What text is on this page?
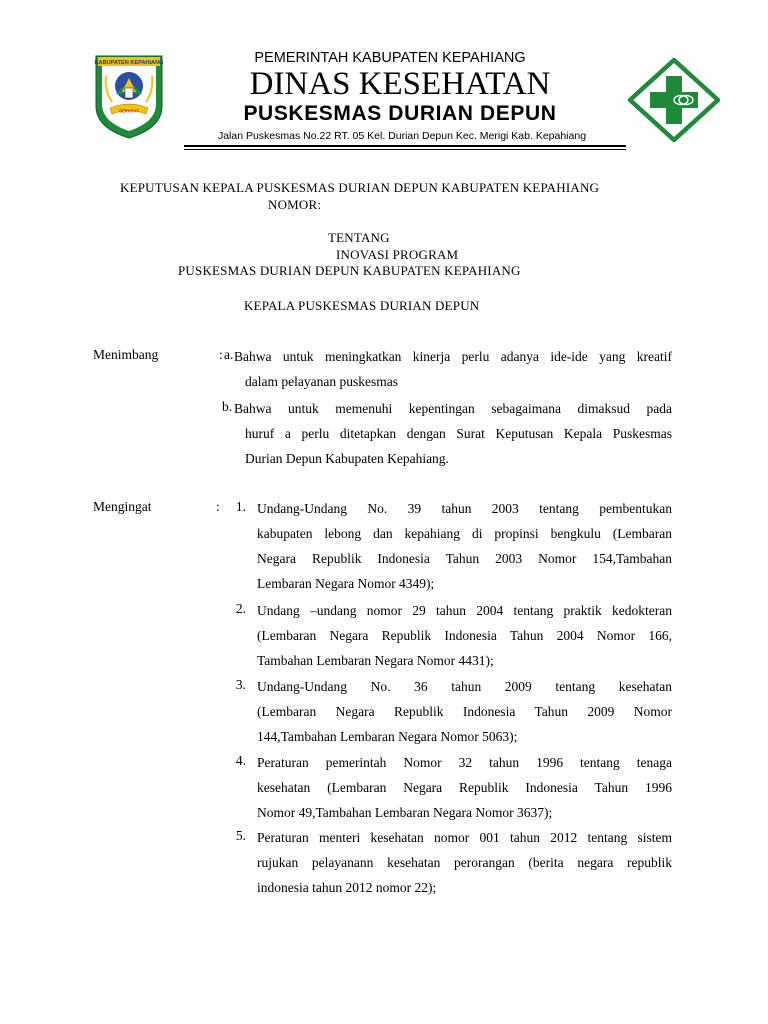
KABUPATEN KEPAHIANG
SEPAKAT
PEMERINTAH KABUPATEN KEPAHIANG
DINAS KESEHATAN
PUSKESMAS DURIAN DEPUN
Jalan Puskesmas No.22 RT. 05 Kel. Durian Depun Kec. Merigi Kab. Kepahiang
KEPUTUSAN KEPALA PUSKESMAS DURIAN DEPUN KABUPATEN KEPAHIANG
NOMOR:
TENTANG
INOVASI PROGRAM
PUSKESMAS DURIAN DEPUN KABUPATEN KEPAHIANG
KEPALA PUSKESMAS DURIAN DEPUN
Menimbang	: a. Bahwa untuk meningkatkan kinerja perlu adanya ide-ide yang kreatif
dalam pelayanan puskesmas
b. Bahwa untuk memenuhi kepentingan sebagaimana dimaksud pada
huruf a perlu ditetapkan dengan Surat Keputusan Kepala Puskesmas
Durian Depun Kabupaten Kepahiang.
Mengingat	:	1. Undang-Undang No. 39 tahun 2003 tentang pembentukan
kabupaten lebong dan kepahiang di propinsi bengkulu (Lembaran
Negara Republik Indonesia Tahun 2003 Nomor 154,Tambahan
Lembaran Negara Nomor 4349);
2. Undang –undang nomor 29 tahun 2004 tentang praktik kedokteran
(Lembaran Negara Republik Indonesia Tahun 2004 Nomor 166,
Tambahan Lembaran Negara Nomor 4431);
3. Undang-Undang No. 36 tahun 2009 tentang kesehatan
(Lembaran Negara Republik Indonesia Tahun 2009 Nomor
144,Tambahan Lembaran Negara Nomor 5063);
4. Peraturan pemerintah Nomor 32 tahun 1996 tentang tenaga
kesehatan (Lembaran Negara Republik Indonesia Tahun 1996
Nomor 49,Tambahan Lembaran Negara Nomor 3637);
5. Peraturan menteri kesehatan nomor 001 tahun 2012 tentang sistem
rujukan pelayanann kesehatan perorangan (berita negara republik
indonesia tahun 2012 nomor 22);
